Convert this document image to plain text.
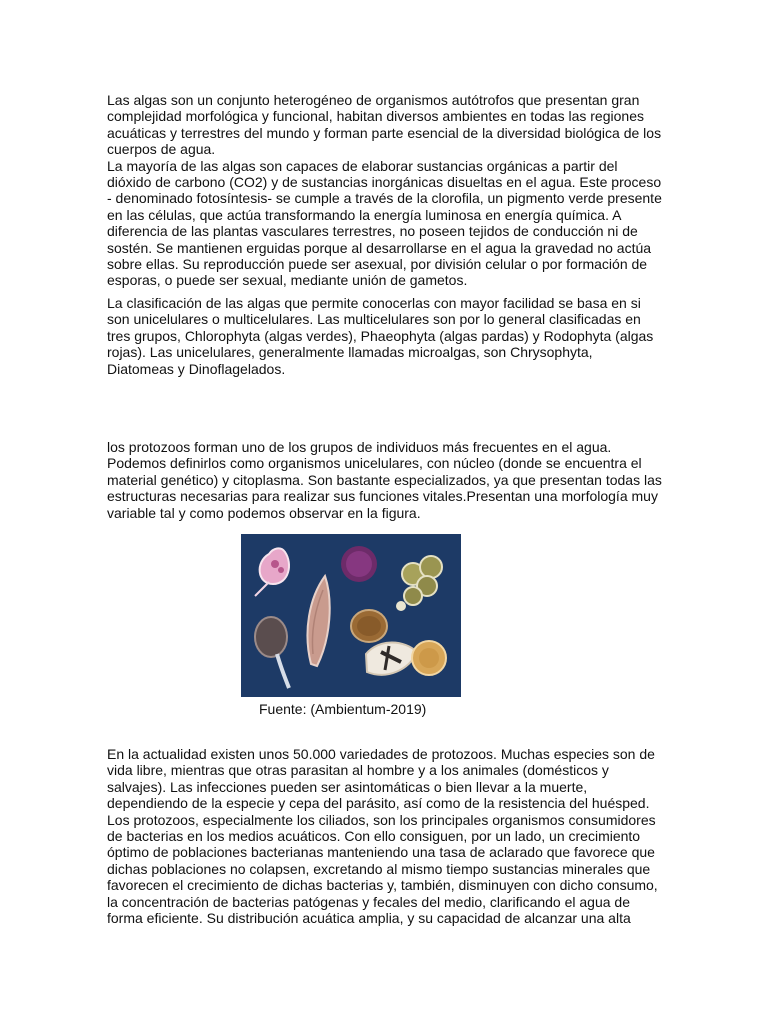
Las algas son un conjunto heterogéneo de organismos autótrofos que presentan gran complejidad morfológica y funcional, habitan diversos ambientes en todas las regiones acuáticas y terrestres del mundo y forman parte esencial de la diversidad biológica de los cuerpos de agua.

La mayoría de las algas son capaces de elaborar sustancias orgánicas a partir del dióxido de carbono (CO2) y de sustancias inorgánicas disueltas en el agua. Este proceso - denominado fotosíntesis- se cumple a través de la clorofila, un pigmento verde presente en las células, que actúa transformando la energía luminosa en energía química. A diferencia de las plantas vasculares terrestres, no poseen tejidos de conducción ni de sostén. Se mantienen erguidas porque al desarrollarse en el agua la gravedad no actúa sobre ellas. Su reproducción puede ser asexual, por división celular o por formación de esporas, o puede ser sexual, mediante unión de gametos.

La clasificación de las algas que permite conocerlas con mayor facilidad se basa en si son unicelulares o multicelulares. Las multicelulares son por lo general clasificadas en tres grupos, Chlorophyta (algas verdes), Phaeophyta (algas pardas) y Rodophyta (algas rojas). Las unicelulares, generalmente llamadas microalgas, son Chrysophyta, Diatomeas y Dinoflagelados.

los protozoos forman uno de los grupos de individuos más frecuentes en el agua. Podemos definirlos como organismos unicelulares, con núcleo (donde se encuentra el material genético) y citoplasma. Son bastante especializados, ya que presentan todas las estructuras necesarias para realizar sus funciones vitales.Presentan una morfología muy variable tal y como podemos observar en la figura.

Fuente: (Ambientum-2019)

En la actualidad existen unos 50.000 variedades de protozoos. Muchas especies son de vida libre, mientras que otras parasitan al hombre y a los animales (domésticos y salvajes). Las infecciones pueden ser asintomáticas o bien llevar a la muerte, dependiendo de la especie y cepa del parásito, así como de la resistencia del huésped. Los protozoos, especialmente los ciliados, son los principales organismos consumidores de bacterias en los medios acuáticos. Con ello consiguen, por un lado, un crecimiento óptimo de poblaciones bacterianas manteniendo una tasa de aclarado que favorece que dichas poblaciones no colapsen, excretando al mismo tiempo sustancias minerales que favorecen el crecimiento de dichas bacterias y, también, disminuyen con dicho consumo, la concentración de bacterias patógenas y fecales del medio, clarificando el agua de forma eficiente. Su distribución acuática amplia, y su capacidad de alcanzar una alta
